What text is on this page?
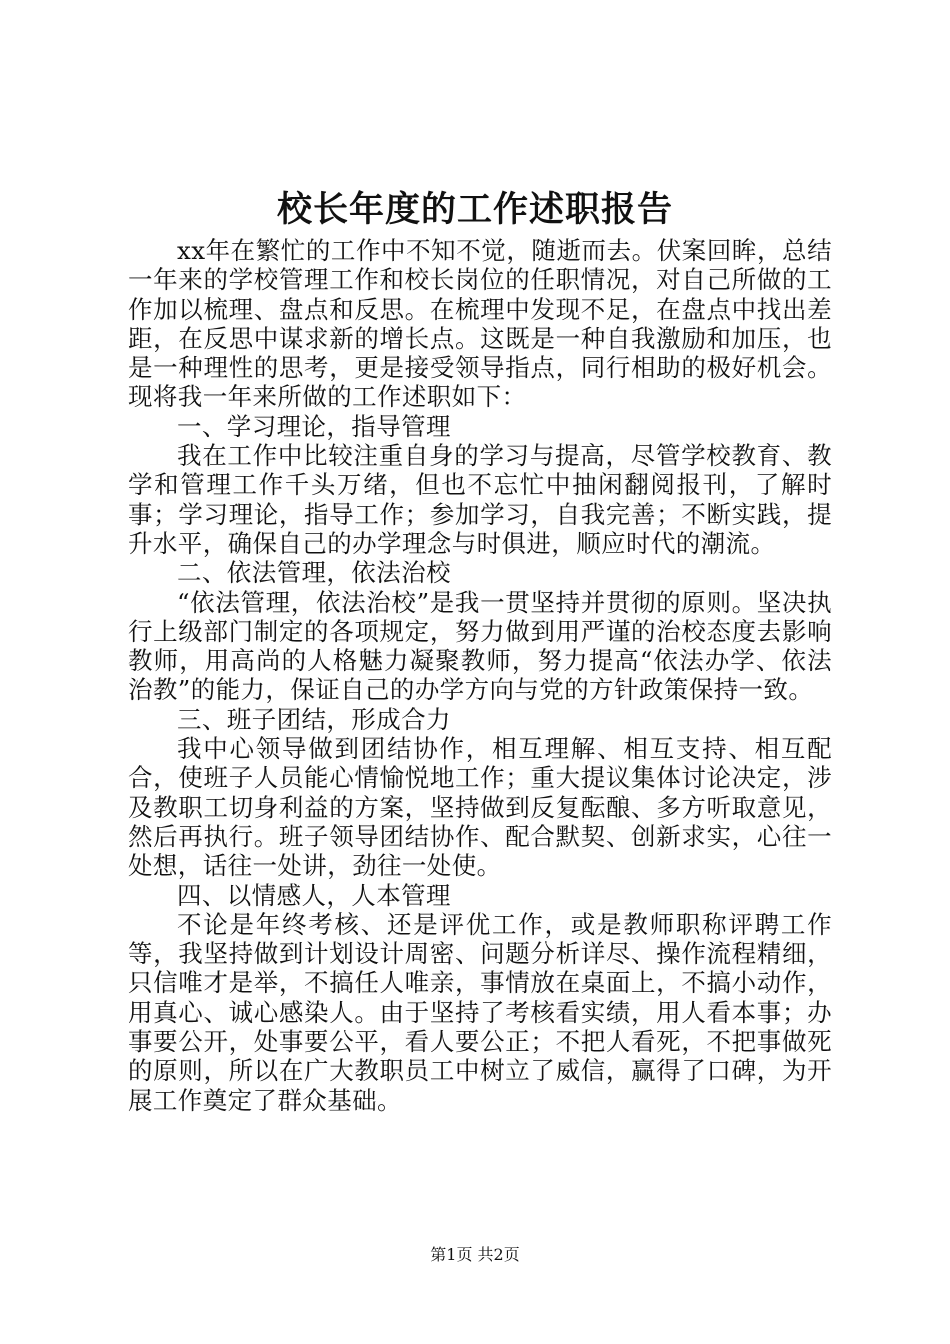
校长年度的工作述职报告

xx年在繁忙的工作中不知不觉，随逝而去。伏案回眸，总结一年来的学校管理工作和校长岗位的任职情况，对自己所做的工作加以梳理、盘点和反思。在梳理中发现不足，在盘点中找出差距，在反思中谋求新的增长点。这既是一种自我激励和加压，也是一种理性的思考，更是接受领导指点，同行相助的极好机会。现将我一年来所做的工作述职如下：

一、学习理论，指导管理

我在工作中比较注重自身的学习与提高，尽管学校教育、教学和管理工作千头万绪，但也不忘忙中抽闲翻阅报刊，了解时事；学习理论，指导工作；参加学习，自我完善；不断实践，提升水平，确保自己的办学理念与时俱进，顺应时代的潮流。

二、依法管理，依法治校

“依法管理，依法治校”是我一贯坚持并贯彻的原则。坚决执行上级部门制定的各项规定，努力做到用严谨的治校态度去影响教师，用高尚的人格魅力凝聚教师，努力提高“依法办学、依法治教”的能力，保证自己的办学方向与党的方针政策保持一致。

三、班子团结，形成合力

我中心领导做到团结协作，相互理解、相互支持、相互配合，使班子人员能心情愉悦地工作；重大提议集体讨论决定，涉及教职工切身利益的方案，坚持做到反复酝酿、多方听取意见，然后再执行。班子领导团结协作、配合默契、创新求实，心往一处想，话往一处讲，劲往一处使。

四、以情感人，人本管理

不论是年终考核、还是评优工作，或是教师职称评聘工作等，我坚持做到计划设计周密、问题分析详尽、操作流程精细，只信唯才是举，不搞任人唯亲，事情放在桌面上，不搞小动作，用真心、诚心感染人。由于坚持了考核看实绩，用人看本事；办事要公开，处事要公平，看人要公正；不把人看死，不把事做死的原则，所以在广大教职员工中树立了威信，赢得了口碑，为开展工作奠定了群众基础。

第1页 共2页
